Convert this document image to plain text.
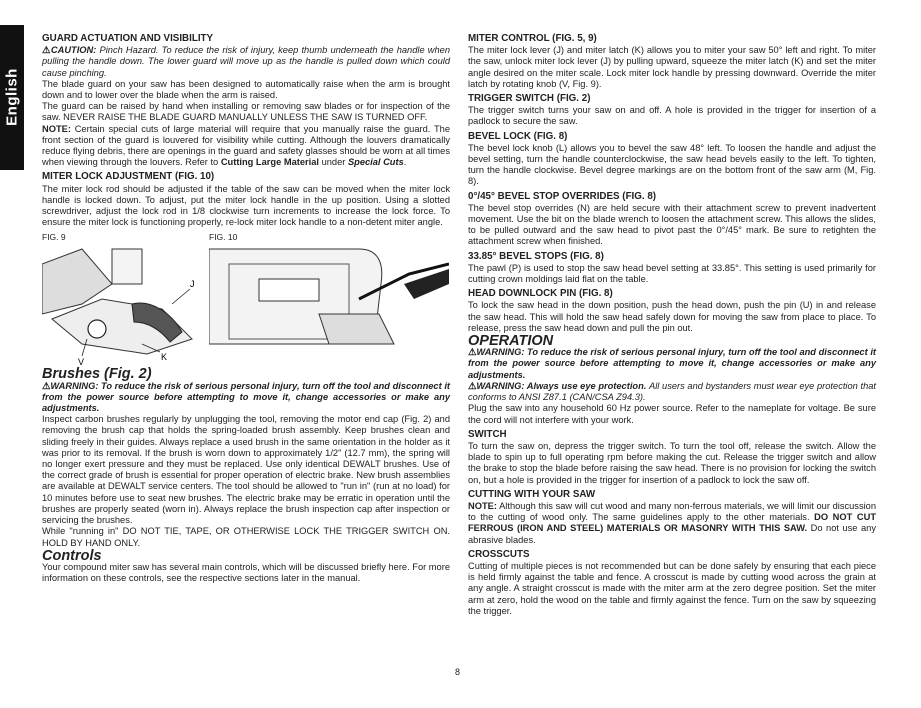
English
GUARD ACTUATION AND VISIBILITY

⚠CAUTION: Pinch Hazard. To reduce the risk of injury, keep thumb underneath the handle when pulling the handle down. The lower guard will move up as the handle is pulled down which could cause pinching.

The blade guard on your saw has been designed to automatically raise when the arm is brought down and to lower over the blade when the arm is raised.

The guard can be raised by hand when installing or removing saw blades or for inspection of the saw. NEVER RAISE THE BLADE GUARD MANUALLY UNLESS THE SAW IS TURNED OFF.

NOTE: Certain special cuts of large material will require that you manually raise the guard. The front section of the guard is louvered for visibility while cutting. Although the louvers dramatically reduce flying debris, there are openings in the guard and safety glasses should be worn at all times when viewing through the louvers. Refer to Cutting Large Material under Special Cuts.

MITER LOCK ADJUSTMENT (FIG. 10)

The miter lock rod should be adjusted if the table of the saw can be moved when the miter lock handle is locked down. To adjust, put the miter lock handle in the up position. Using a slotted screwdriver, adjust the lock rod in 1/8 clockwise turn increments to increase the lock force. To ensure the miter lock is functioning properly, re-lock miter lock handle to a non-detent miter angle.

FIG. 9	FIG. 10
J
V	K
Brushes (Fig. 2)

⚠WARNING: To reduce the risk of serious personal injury, turn off the tool and disconnect it from the power source before attempting to move it, change accessories or make any adjustments.

Inspect carbon brushes regularly by unplugging the tool, removing the motor end cap (Fig. 2) and removing the brush cap that holds the spring-loaded brush assembly. Keep brushes clean and sliding freely in their guides. Always replace a used brush in the same orientation in the holder as it was prior to its removal. If the brush is worn down to approximately 1/2" (12.7 mm), the spring will no longer exert pressure and they must be replaced. Use only identical DEWALT brushes. Use of the correct grade of brush is essential for proper operation of electric brake. New brush assemblies are available at DEWALT service centers. The tool should be allowed to "run in" (run at no load) for 10 minutes before use to seat new brushes. The electric brake may be erratic in operation until the brushes are properly seated (worn in). Always replace the brush inspection cap after inspection or servicing the brushes.

While "running in" DO NOT TIE, TAPE, OR OTHERWISE LOCK THE TRIGGER SWITCH ON. HOLD BY HAND ONLY.

Controls

Your compound miter saw has several main controls, which will be discussed briefly here. For more information on these controls, see the respective sections later in the manual.

MITER CONTROL (FIG. 5, 9)

The miter lock lever (J) and miter latch (K) allows you to miter your saw 50° left and right. To miter the saw, unlock miter lock lever (J) by pulling upward, squeeze the miter latch (K) and set the miter angle desired on the miter scale. Lock miter lock handle by pressing downward. Override the miter latch by rotating knob (V, Fig. 9).

TRIGGER SWITCH (FIG. 2)

The trigger switch turns your saw on and off. A hole is provided in the trigger for insertion of a padlock to secure the saw.

BEVEL LOCK (FIG. 8)

The bevel lock knob (L) allows you to bevel the saw 48° left. To loosen the handle and adjust the bevel setting, turn the handle counterclockwise, the saw head bevels easily to the left. To tighten, turn the handle clockwise. Bevel degree markings are on the bottom front of the saw arm (M, Fig. 8).

0°/45° BEVEL STOP OVERRIDES (FIG. 8)

The bevel stop overrides (N) are held secure with their attachment screw to prevent inadvertent movement. Use the bit on the blade wrench to loosen the attachment screw. This allows the slides, to be pulled outward and the saw head to pivot past the 0°/45° mark. Be sure to retighten the attachment screw when finished.

33.85° BEVEL STOPS (FIG. 8)

The pawl (P) is used to stop the saw head bevel setting at 33.85°. This setting is used primarily for cutting crown moldings laid flat on the table.

HEAD DOWNLOCK PIN (FIG. 8)

To lock the saw head in the down position, push the head down, push the pin (U) in and release the saw head. This will hold the saw head safely down for moving the saw from place to place. To release, press the saw head down and pull the pin out.

OPERATION

⚠WARNING: To reduce the risk of serious personal injury, turn off the tool and disconnect it from the power source before attempting to move it, change accessories or make any adjustments.

⚠WARNING: Always use eye protection. All users and bystanders must wear eye protection that conforms to ANSI Z87.1 (CAN/CSA Z94.3).

Plug the saw into any household 60 Hz power source. Refer to the nameplate for voltage. Be sure the cord will not interfere with your work.

SWITCH

To turn the saw on, depress the trigger switch. To turn the tool off, release the switch. Allow the blade to spin up to full operating rpm before making the cut. Release the trigger switch and allow the brake to stop the blade before raising the saw head. There is no provision for locking the switch on, but a hole is provided in the trigger for insertion of a padlock to lock the saw off.

CUTTING WITH YOUR SAW

NOTE: Although this saw will cut wood and many non-ferrous materials, we will limit our discussion to the cutting of wood only. The same guidelines apply to the other materials. DO NOT CUT FERROUS (IRON AND STEEL) MATERIALS OR MASONRY WITH THIS SAW. Do not use any abrasive blades.

CROSSCUTS

Cutting of multiple pieces is not recommended but can be done safely by ensuring that each piece is held firmly against the table and fence. A crosscut is made by cutting wood across the grain at any angle. A straight crosscut is made with the miter arm at the zero degree position. Set the miter arm at zero, hold the wood on the table and firmly against the fence. Turn on the saw by squeezing the trigger.

8
